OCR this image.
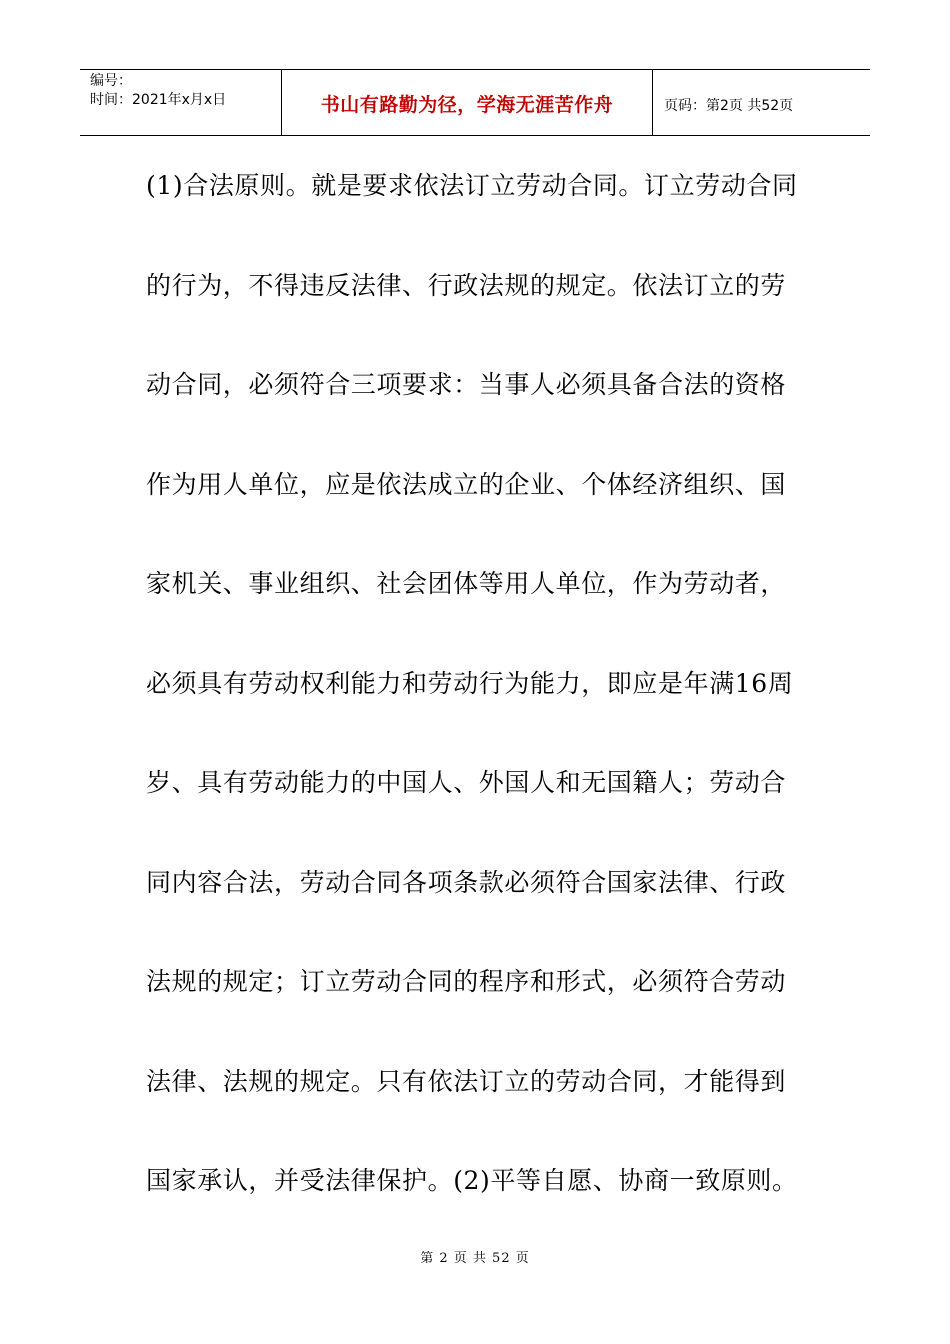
编号：
时间：2021年x月x日	书山有路勤为径，学海无涯苦作舟	页码：第2页 共52页
(1)合法原则。就是要求依法订立劳动合同。订立劳动合同
的行为，不得违反法律、行政法规的规定。依法订立的劳
动合同，必须符合三项要求：当事人必须具备合法的资格
作为用人单位，应是依法成立的企业、个体经济组织、国
家机关、事业组织、社会团体等用人单位，作为劳动者，
必须具有劳动权利能力和劳动行为能力，即应是年满16周
岁、具有劳动能力的中国人、外国人和无国籍人；劳动合
同内容合法，劳动合同各项条款必须符合国家法律、行政
法规的规定；订立劳动合同的程序和形式，必须符合劳动
法律、法规的规定。只有依法订立的劳动合同，才能得到
国家承认，并受法律保护。(2)平等自愿、协商一致原则。
第 2 页 共 52 页
